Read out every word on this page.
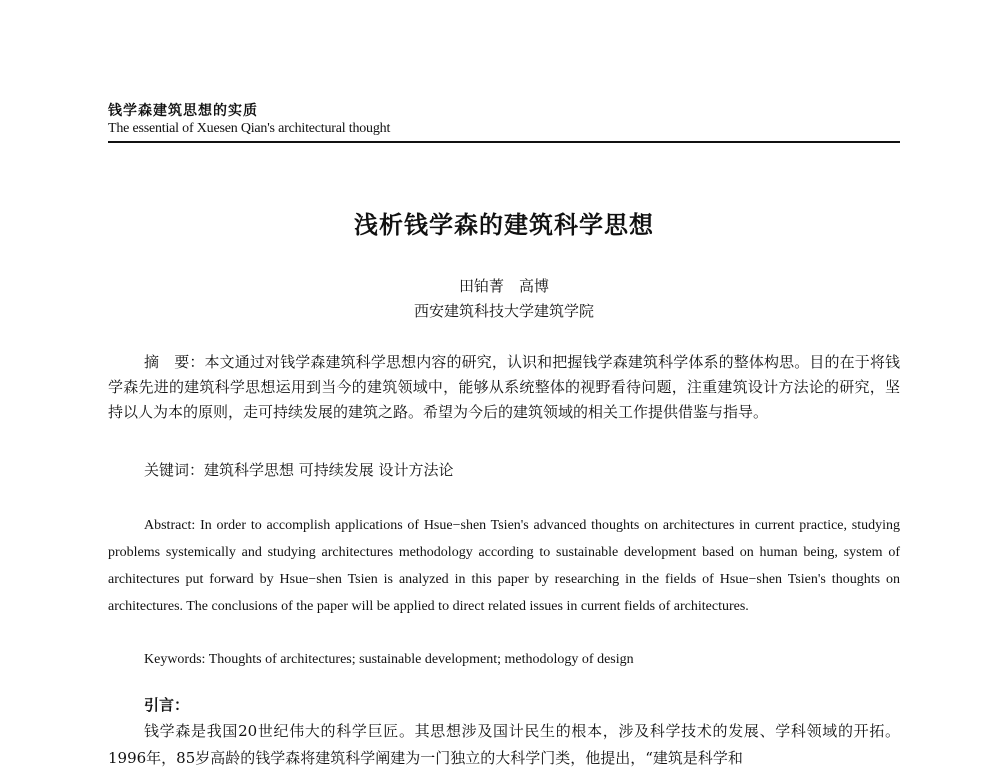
钱学森建筑思想的实质
The essential of Xuesen Qian's architectural thought
浅析钱学森的建筑科学思想
田铂菁　高博
西安建筑科技大学建筑学院
摘　要：本文通过对钱学森建筑科学思想内容的研究，认识和把握钱学森建筑科学体系的整体构思。目的在于将钱学森先进的建筑科学思想运用到当今的建筑领域中，能够从系统整体的视野看待问题，注重建筑设计方法论的研究，坚持以人为本的原则，走可持续发展的建筑之路。希望为今后的建筑领域的相关工作提供借鉴与指导。
关键词：建筑科学思想 可持续发展 设计方法论
Abstract: In order to accomplish applications of Hsue−shen Tsien's advanced thoughts on architectures in current practice, studying problems systemically and studying architectures methodology according to sustainable development based on human being, system of architectures put forward by Hsue−shen Tsien is analyzed in this paper by researching in the fields of Hsue−shen Tsien's thoughts on architectures. The conclusions of the paper will be applied to direct related issues in current fields of architectures.
Keywords: Thoughts of architectures; sustainable development; methodology of design
引言：
钱学森是我国20世纪伟大的科学巨匠。其思想涉及国计民生的根本，涉及科学技术的发展、学科领域的开拓。1996年，85岁高龄的钱学森将建筑科学阐建为一门独立的大科学门类，他提出，“建筑是科学和
